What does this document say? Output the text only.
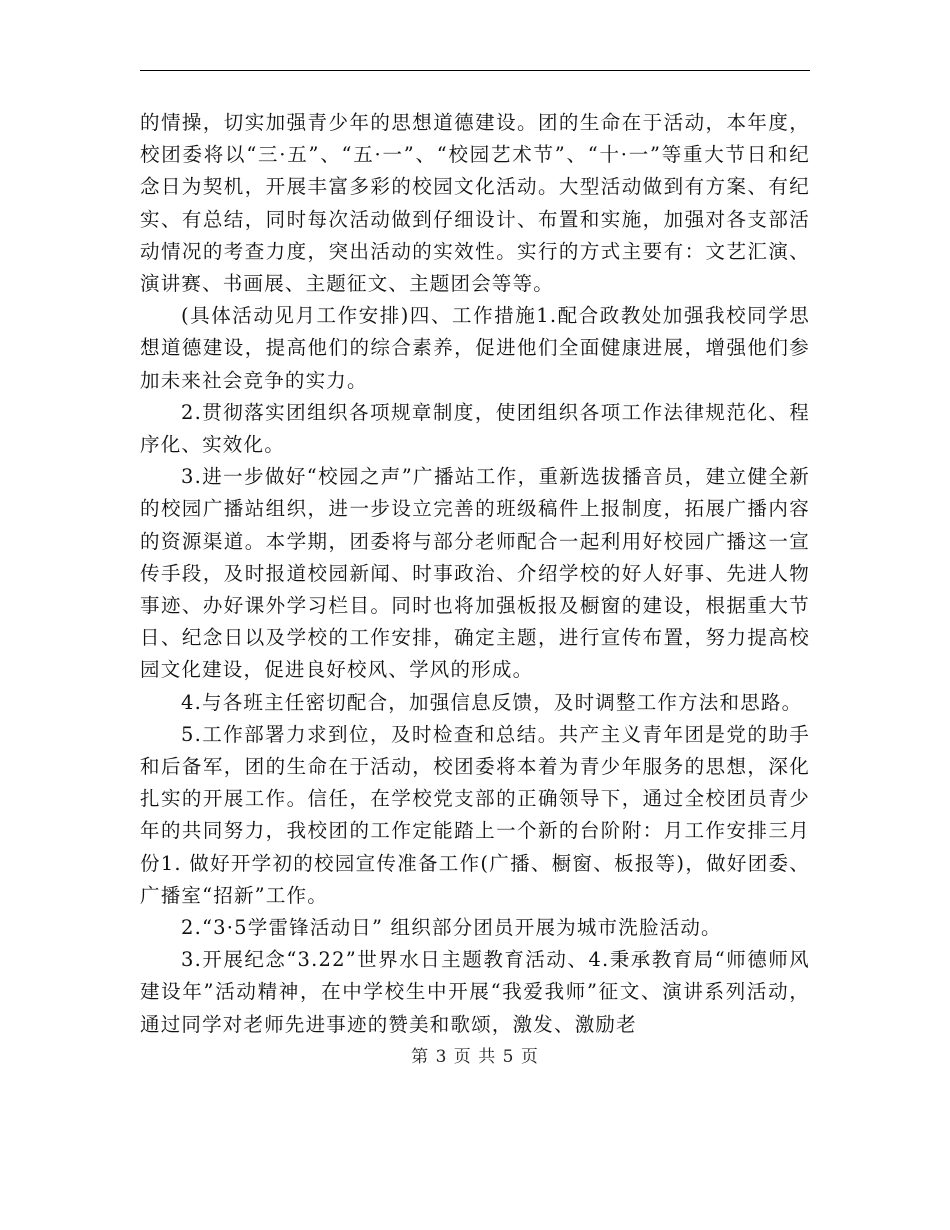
的情操，切实加强青少年的思想道德建设。团的生命在于活动，本年度，校团委将以“三·五”、“五·一”、“校园艺术节”、“十·一”等重大节日和纪念日为契机，开展丰富多彩的校园文化活动。大型活动做到有方案、有纪实、有总结，同时每次活动做到仔细设计、布置和实施，加强对各支部活动情况的考查力度，突出活动的实效性。实行的方式主要有：文艺汇演、演讲赛、书画展、主题征文、主题团会等等。

(具体活动见月工作安排)四、工作措施1.配合政教处加强我校同学思想道德建设，提高他们的综合素养，促进他们全面健康进展，增强他们参加未来社会竞争的实力。

2.贯彻落实团组织各项规章制度，使团组织各项工作法律规范化、程序化、实效化。

3.进一步做好“校园之声”广播站工作，重新选拔播音员，建立健全新的校园广播站组织，进一步设立完善的班级稿件上报制度，拓展广播内容的资源渠道。本学期，团委将与部分老师配合一起利用好校园广播这一宣传手段，及时报道校园新闻、时事政治、介绍学校的好人好事、先进人物事迹、办好课外学习栏目。同时也将加强板报及橱窗的建设，根据重大节日、纪念日以及学校的工作安排，确定主题，进行宣传布置，努力提高校园文化建设，促进良好校风、学风的形成。

4.与各班主任密切配合，加强信息反馈，及时调整工作方法和思路。

5.工作部署力求到位，及时检查和总结。共产主义青年团是党的助手和后备军，团的生命在于活动，校团委将本着为青少年服务的思想，深化扎实的开展工作。信任，在学校党支部的正确领导下，通过全校团员青少年的共同努力，我校团的工作定能踏上一个新的台阶附：月工作安排三月份1. 做好开学初的校园宣传准备工作(广播、橱窗、板报等)，做好团委、广播室“招新”工作。

2.“3·5学雷锋活动日” 组织部分团员开展为城市洗脸活动。

3.开展纪念“3.22”世界水日主题教育活动、4.秉承教育局“师德师风建设年”活动精神，在中学校生中开展“我爱我师”征文、演讲系列活动，通过同学对老师先进事迹的赞美和歌颂，激发、激励老

第 3 页 共 5 页
